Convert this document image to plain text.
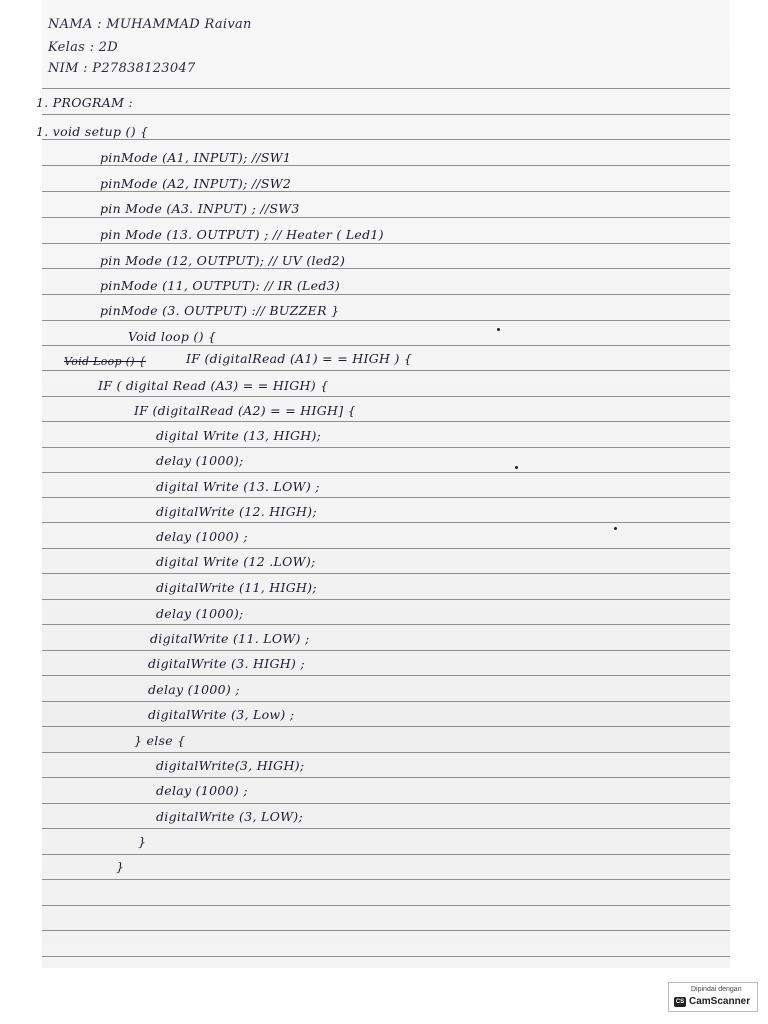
NAMA : MUHAMMAD Raivan
Kelas : 2D
NIM : P27838123047
1. PROGRAM :
1. void setup () {
pinMode (A1, INPUT); //SW1
pinMode (A2, INPUT); //SW2
pin Mode (A3. INPUT) ; //SW3
pin Mode (13. OUTPUT) ; // Heater ( Led1)
pin Mode (12, OUTPUT); // UV (led2)
pinMode (11, OUTPUT): // IR (Led3)
pinMode (3. OUTPUT) :// BUZZER }
Void loop () {
Void Loop () {	IF (digitalRead (A1) = = HIGH ) {
IF ( digital Read (A3) = = HIGH) {
IF (digitalRead (A2) = = HIGH] {
digital Write (13, HIGH);
delay (1000);
digital Write (13. LOW) ;
digitalWrite (12. HIGH);
delay (1000) ;
digital Write (12 .LOW);
digitalWrite (11, HIGH);
delay (1000);
digitalWrite (11. LOW) ;
digitalWrite (3. HIGH) ;
delay (1000) ;
digitalWrite (3, Low) ;
} else {
digitalWrite(3, HIGH);
delay (1000) ;
digitalWrite (3, LOW);
}
}
Dipindai dengan
CS CamScanner
